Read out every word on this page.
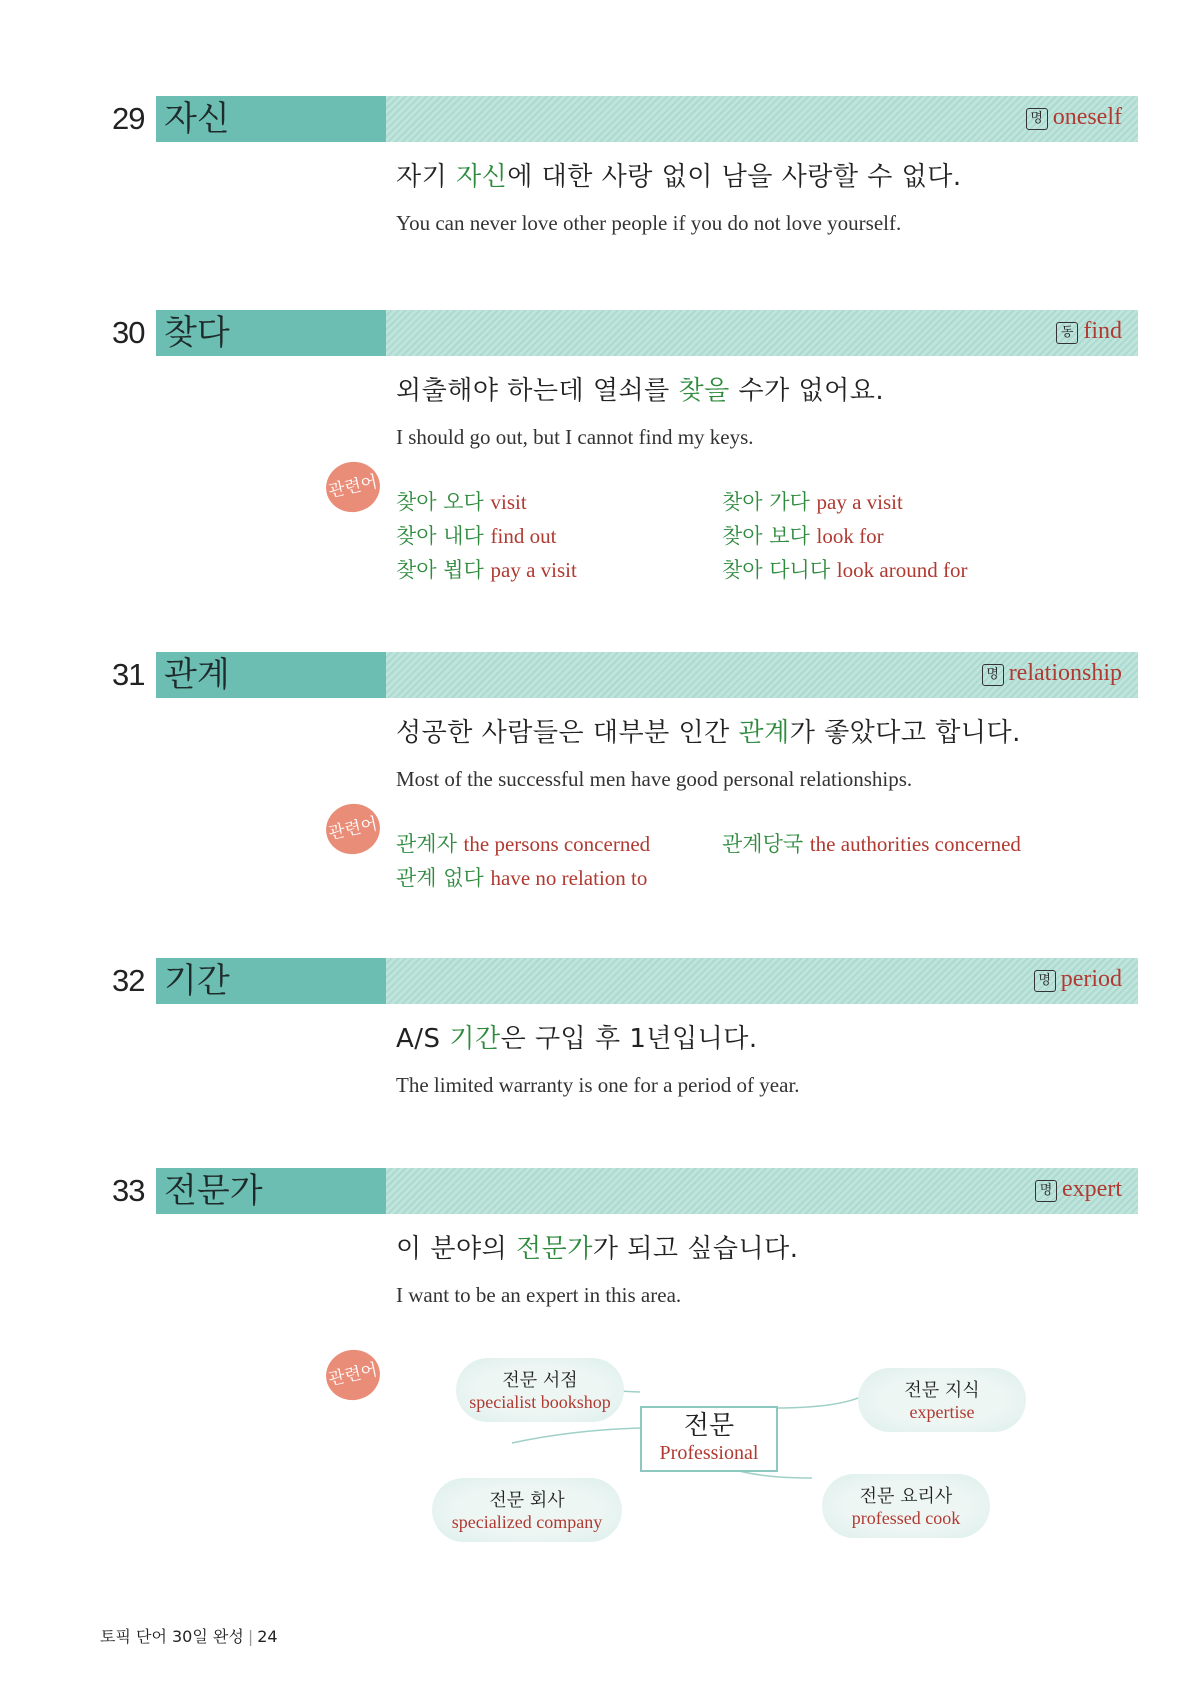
29 자신	명 oneself
자기 자신에 대한 사랑 없이 남을 사랑할 수 없다.
You can never love other people if you do not love yourself.
30 찾다	동 find
외출해야 하는데 열쇠를 찾을 수가 없어요.
I should go out, but I cannot find my keys.
관련어
찾아 오다 visit	찾아 가다 pay a visit
찾아 내다 find out	찾아 보다 look for
찾아 뵙다 pay a visit	찾아 다니다 look around for
31 관계	명 relationship
성공한 사람들은 대부분 인간 관계가 좋았다고 합니다.
Most of the successful men have good personal relationships.
관련어
관계자 the persons concerned	관계당국 the authorities concerned
관계 없다 have no relation to
32 기간	명 period
A/S 기간은 구입 후 1년입니다.
The limited warranty is one for a period of year.
33 전문가	명 expert
이 분야의 전문가가 되고 싶습니다.
I want to be an expert in this area.
관련어	전문 서점
specialist bookshop
전문 지식
expertise
전문 회사
specialized company
전문 요리사
professed cook
전문
Professional
토픽 단어 30일 완성 | 24
